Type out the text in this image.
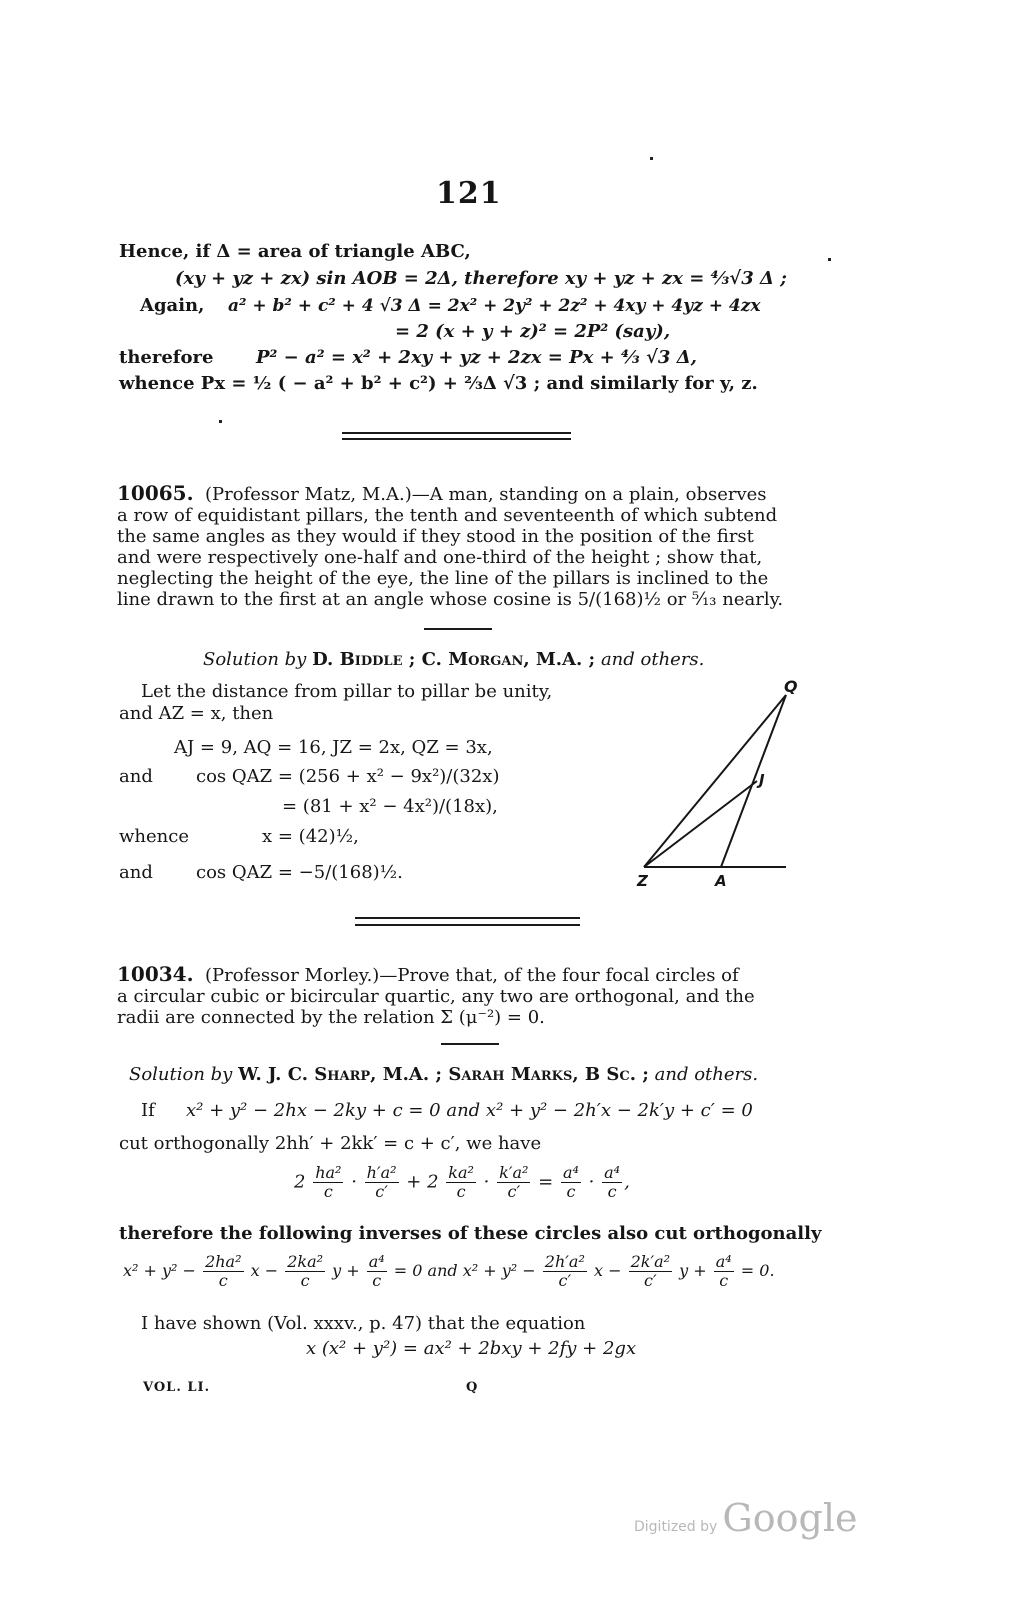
121
Hence, if Δ = area of triangle ABC,
(xy + yz + zx) sin AOB = 2Δ, therefore xy + yz + zx = ⁴⁄₃√3 Δ ;
Again, a² + b² + c² + 4 √3 Δ = 2x² + 2y² + 2z² + 4xy + 4yz + 4zx
= 2 (x + y + z)² = 2P² (say),
therefore P² − a² = x² + 2xy + yz + 2zx = Px + ⁴⁄₃ √3 Δ,
whence Px = ½ ( − a² + b² + c²) + ⅔Δ √3 ; and similarly for y, z.
10065. (Professor Matz, M.A.)—A man, standing on a plain, observes
a row of equidistant pillars, the tenth and seventeenth of which subtend
the same angles as they would if they stood in the position of the first
and were respectively one-half and one-third of the height ; show that,
neglecting the height of the eye, the line of the pillars is inclined to the
line drawn to the first at an angle whose cosine is 5/(168)½ or ⁵⁄₁₃ nearly.
Solution by D. Biddle ; C. Morgan, M.A. ; and others.
Let the distance from pillar to pillar be unity,
and AZ = x, then
AJ = 9, AQ = 16, JZ = 2x, QZ = 3x,
and cos QAZ = (256 + x² − 9x²)/(32x)
= (81 + x² − 4x²)/(18x),
whence	x = (42)½,
and cos QAZ = −5/(168)½.
Q
J
Z	A
10034. (Professor Morley.)—Prove that, of the four focal circles of
a circular cubic or bicircular quartic, any two are orthogonal, and the
radii are connected by the relation Σ (μ⁻²) = 0.
Solution by W. J. C. Sharp, M.A. ; Sarah Marks, B Sc. ; and others.
If x² + y² − 2hx − 2ky + c = 0 and x² + y² − 2h′x − 2k′y + c′ = 0
cut orthogonally 2hh′ + 2kk′ = c + c′, we have
$2 \frac{\text{ha²}}{c} \cdot \frac{\text{h′a²}}{c'} + 2 \frac{\text{ka²}}{c} \cdot \frac{\text{k′a²}}{c'} = \frac{\text{a⁴}}{c} \cdot \frac{\text{a⁴}}{c}$ ,
therefore the following inverses of these circles also cut orthogonally
$x^2 + y^2 - \frac{\text{2ha²}}{c}$ $x - \frac{\text{2ka²}}{c}$ $y + \frac{\text{a⁴}}{c} = 0$ and $x^2 + y^2 - \frac{\text{2h′a²}}{c'}$ $x - \frac{\text{2k′a²}}{c'}$ $y + \frac{\text{a⁴}}{c} = 0$.
I have shown (Vol. xxxv., p. 47) that the equation
x (x² + y²) = ax² + 2bxy + 2fy + 2gx
VOL. LI.	Q
Digitized by Google
